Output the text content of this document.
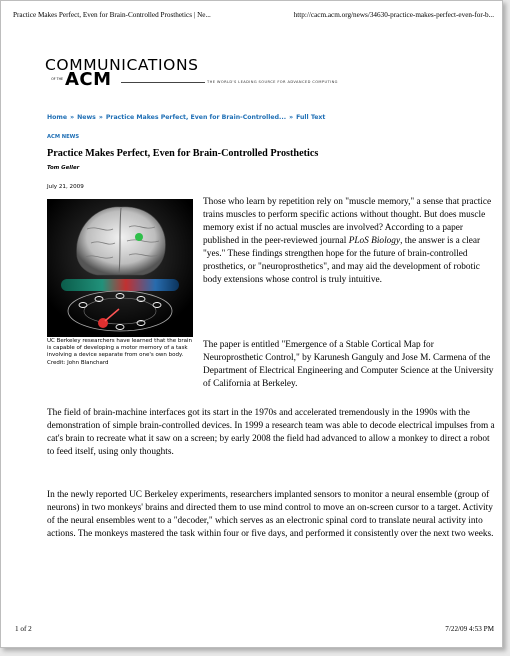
Practice Makes Perfect, Even for Brain-Controlled Prosthetics | Ne...	http://cacm.acm.org/news/34630-practice-makes-perfect-even-for-b...
COMMUNICATIONS
OF THE ACM	THE WORLD'S LEADING SOURCE FOR ADVANCED COMPUTING
Home » News » Practice Makes Perfect, Even for Brain-Controlled... » Full Text
ACM NEWS
Practice Makes Perfect, Even for Brain-Controlled Prosthetics
Tom Geller
July 21, 2009
UC Berkeley researchers have learned that the brain is capable of developing a motor memory of a task involving a device separate from one's own body.
Credit: John Blanchard
Those who learn by repetition rely on "muscle memory," a sense that practice trains muscles to perform specific actions without thought. But does muscle memory exist if no actual muscles are involved? According to a paper published in the peer-reviewed journal PLoS Biology, the answer is a clear "yes." These findings strengthen hope for the future of brain-controlled prosthetics, or "neuroprosthetics", and may aid the development of robotic body extensions whose control is truly intuitive.
The paper is entitled "Emergence of a Stable Cortical Map for Neuroprosthetic Control," by Karunesh Ganguly and Jose M. Carmena of the Department of Electrical Engineering and Computer Science at the University of California at Berkeley.
The field of brain-machine interfaces got its start in the 1970s and accelerated tremendously in the 1990s with the demonstration of simple brain-controlled devices. In 1999 a research team was able to decode electrical impulses from a cat's brain to recreate what it saw on a screen; by early 2008 the field had advanced to allow a monkey to direct a robot to feed itself, using only thoughts.
In the newly reported UC Berkeley experiments, researchers implanted sensors to monitor a neural ensemble (group of neurons) in two monkeys' brains and directed them to use mind control to move an on-screen cursor to a target. Activity of the neural ensembles went to a "decoder," which serves as an electronic spinal cord to translate neural activity into actions. The monkeys mastered the task within four or five days, and performed it consistently over the next two weeks.
1 of 2	7/22/09 4:53 PM
